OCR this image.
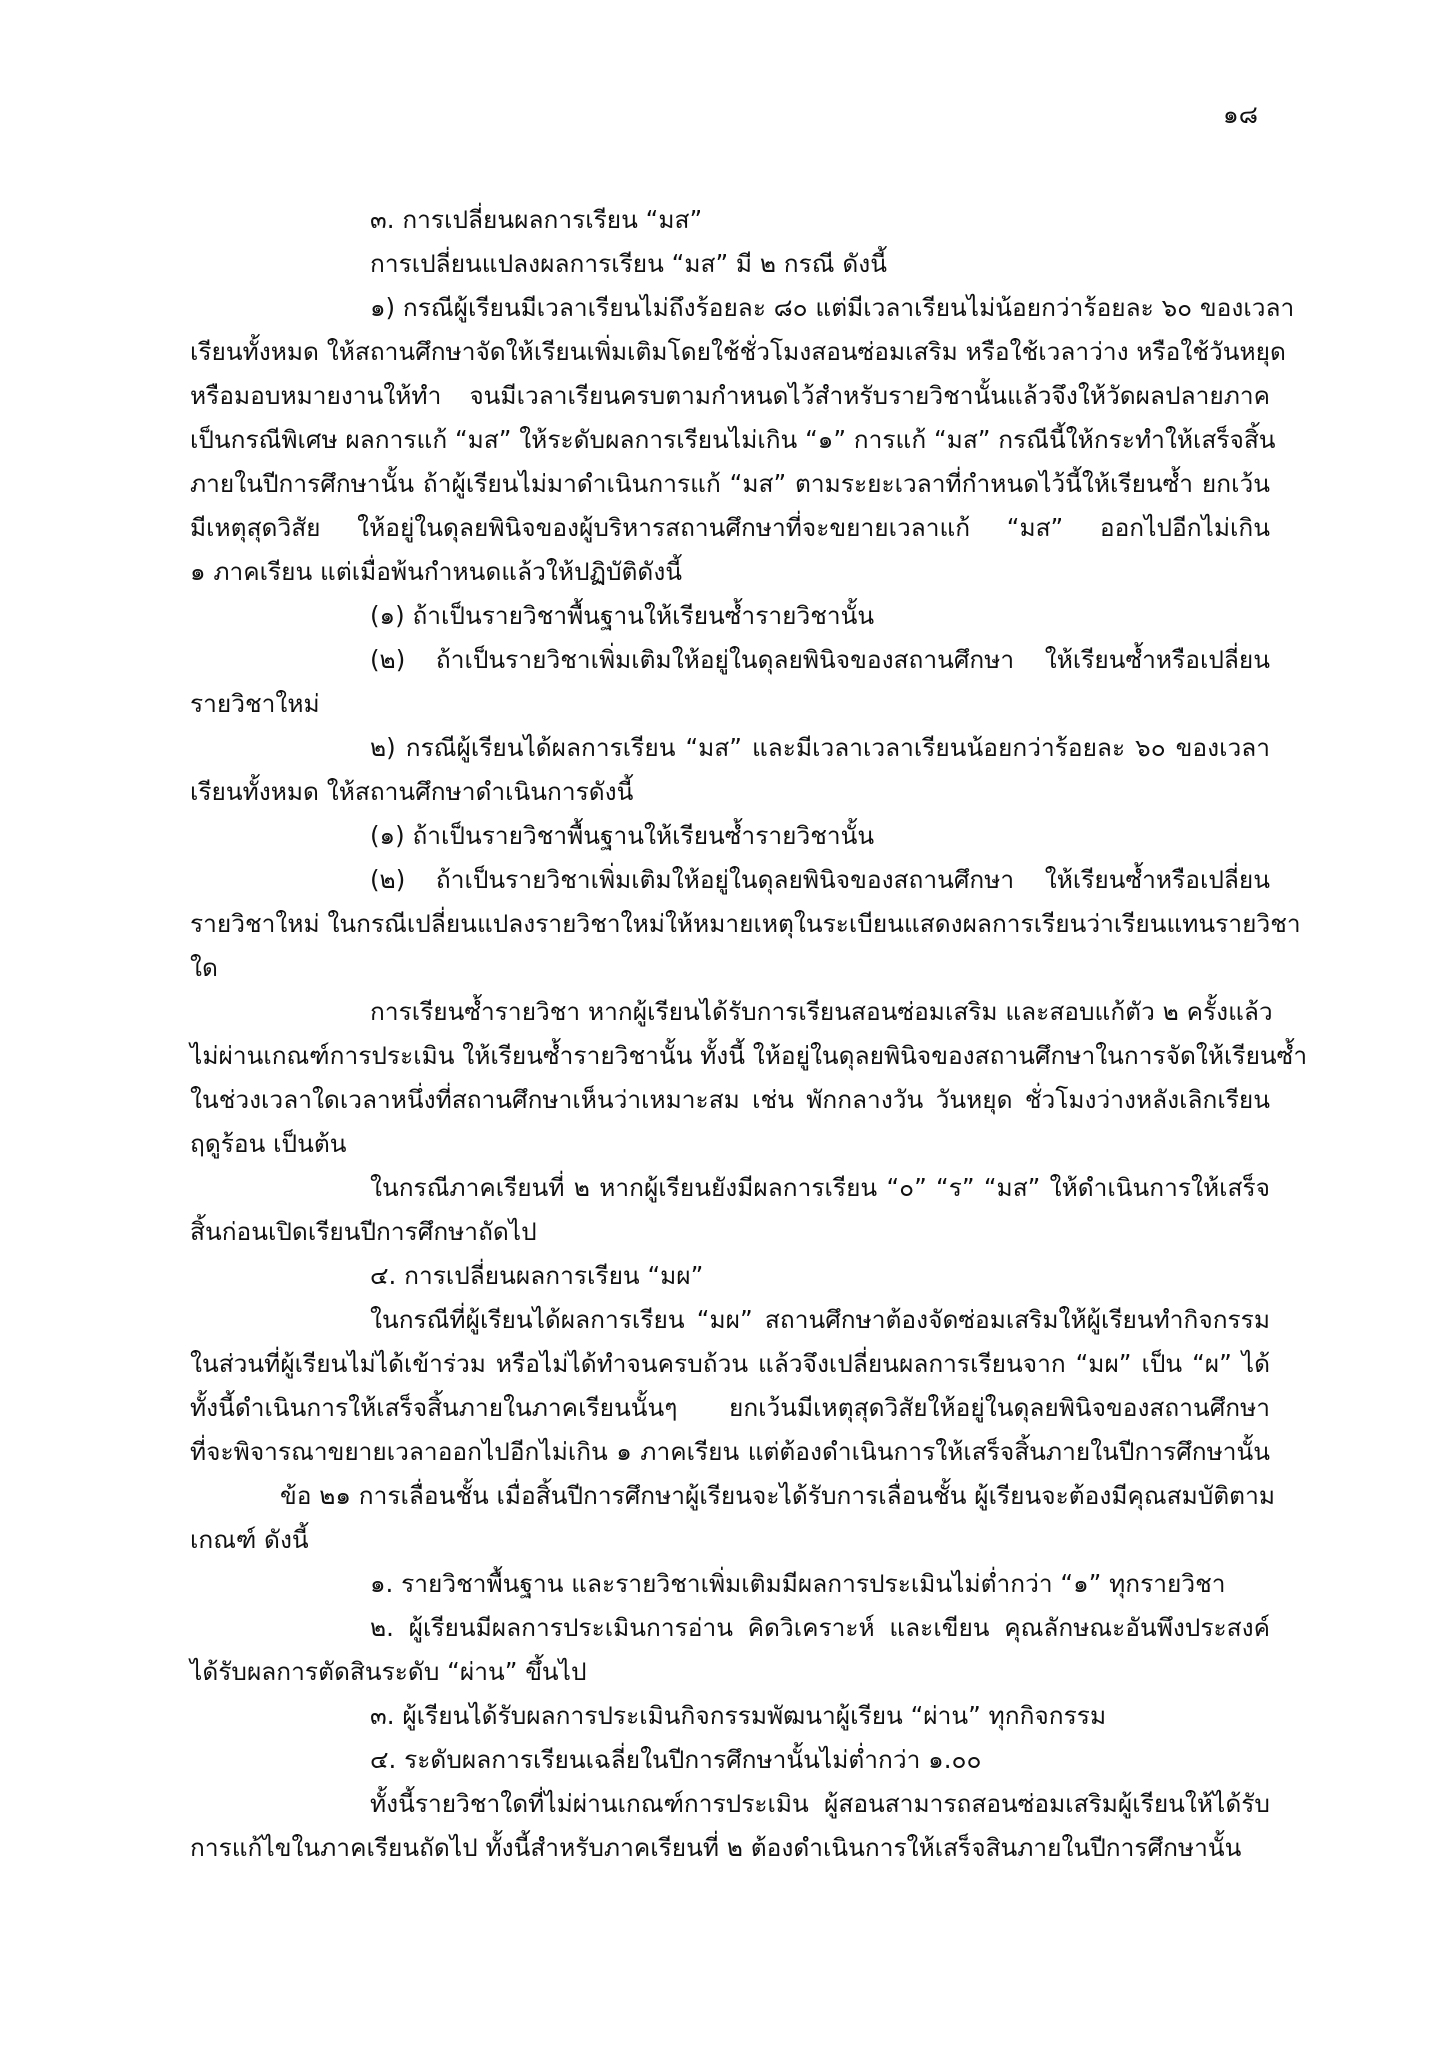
๑๘
๓. การเปลี่ยนผลการเรียน “มส”
การเปลี่ยนแปลงผลการเรียน “มส” มี ๒ กรณี ดังนี้
๑) กรณีผู้เรียนมีเวลาเรียนไม่ถึงร้อยละ ๘๐ แต่มีเวลาเรียนไม่น้อยกว่าร้อยละ ๖๐ ของเวลา
เรียนทั้งหมด ให้สถานศึกษาจัดให้เรียนเพิ่มเติมโดยใช้ชั่วโมงสอนซ่อมเสริม หรือใช้เวลาว่าง หรือใช้วันหยุด
หรือมอบหมายงานให้ทำ จนมีเวลาเรียนครบตามกำหนดไว้สำหรับรายวิชานั้นแล้วจึงให้วัดผลปลายภาค
เป็นกรณีพิเศษ ผลการแก้ “มส” ให้ระดับผลการเรียนไม่เกิน “๑” การแก้ “มส” กรณีนี้ให้กระทำให้เสร็จสิ้น
ภายในปีการศึกษานั้น ถ้าผู้เรียนไม่มาดำเนินการแก้ “มส” ตามระยะเวลาที่กำหนดไว้นี้ให้เรียนซ้ำ ยกเว้น
มีเหตุสุดวิสัย ให้อยู่ในดุลยพินิจของผู้บริหารสถานศึกษาที่จะขยายเวลาแก้ “มส” ออกไปอีกไม่เกิน
๑ ภาคเรียน แต่เมื่อพ้นกำหนดแล้วให้ปฏิบัติดังนี้
(๑) ถ้าเป็นรายวิชาพื้นฐานให้เรียนซ้ำรายวิชานั้น
(๒) ถ้าเป็นรายวิชาเพิ่มเติมให้อยู่ในดุลยพินิจของสถานศึกษา ให้เรียนซ้ำหรือเปลี่ยน
รายวิชาใหม่
๒) กรณีผู้เรียนได้ผลการเรียน “มส” และมีเวลาเวลาเรียนน้อยกว่าร้อยละ ๖๐ ของเวลา
เรียนทั้งหมด ให้สถานศึกษาดำเนินการดังนี้
(๑) ถ้าเป็นรายวิชาพื้นฐานให้เรียนซ้ำรายวิชานั้น
(๒) ถ้าเป็นรายวิชาเพิ่มเติมให้อยู่ในดุลยพินิจของสถานศึกษา ให้เรียนซ้ำหรือเปลี่ยน
รายวิชาใหม่ ในกรณีเปลี่ยนแปลงรายวิชาใหม่ให้หมายเหตุในระเบียนแสดงผลการเรียนว่าเรียนแทนรายวิชา
ใด
การเรียนซ้ำรายวิชา หากผู้เรียนได้รับการเรียนสอนซ่อมเสริม และสอบแก้ตัว ๒ ครั้งแล้ว
ไม่ผ่านเกณฑ์การประเมิน ให้เรียนซ้ำรายวิชานั้น ทั้งนี้ ให้อยู่ในดุลยพินิจของสถานศึกษาในการจัดให้เรียนซ้ำ
ในช่วงเวลาใดเวลาหนึ่งที่สถานศึกษาเห็นว่าเหมาะสม เช่น พักกลางวัน วันหยุด ชั่วโมงว่างหลังเลิกเรียน
ฤดูร้อน เป็นต้น
ในกรณีภาคเรียนที่ ๒ หากผู้เรียนยังมีผลการเรียน “๐” “ร” “มส” ให้ดำเนินการให้เสร็จ
สิ้นก่อนเปิดเรียนปีการศึกษาถัดไป
๔. การเปลี่ยนผลการเรียน “มผ”
ในกรณีที่ผู้เรียนได้ผลการเรียน “มผ” สถานศึกษาต้องจัดซ่อมเสริมให้ผู้เรียนทำกิจกรรม
ในส่วนที่ผู้เรียนไม่ได้เข้าร่วม หรือไม่ได้ทำจนครบถ้วน แล้วจึงเปลี่ยนผลการเรียนจาก “มผ” เป็น “ผ” ได้
ทั้งนี้ดำเนินการให้เสร็จสิ้นภายในภาคเรียนนั้นๆ ยกเว้นมีเหตุสุดวิสัยให้อยู่ในดุลยพินิจของสถานศึกษา
ที่จะพิจารณาขยายเวลาออกไปอีกไม่เกิน ๑ ภาคเรียน แต่ต้องดำเนินการให้เสร็จสิ้นภายในปีการศึกษานั้น
ข้อ ๒๑ การเลื่อนชั้น เมื่อสิ้นปีการศึกษาผู้เรียนจะได้รับการเลื่อนชั้น ผู้เรียนจะต้องมีคุณสมบัติตาม
เกณฑ์ ดังนี้
๑. รายวิชาพื้นฐาน และรายวิชาเพิ่มเติมมีผลการประเมินไม่ต่ำกว่า “๑” ทุกรายวิชา
๒. ผู้เรียนมีผลการประเมินการอ่าน คิดวิเคราะห์ และเขียน คุณลักษณะอันพึงประสงค์
ได้รับผลการตัดสินระดับ “ผ่าน” ขึ้นไป
๓. ผู้เรียนได้รับผลการประเมินกิจกรรมพัฒนาผู้เรียน “ผ่าน” ทุกกิจกรรม
๔. ระดับผลการเรียนเฉลี่ยในปีการศึกษานั้นไม่ต่ำกว่า ๑.๐๐
ทั้งนี้รายวิชาใดที่ไม่ผ่านเกณฑ์การประเมิน ผู้สอนสามารถสอนซ่อมเสริมผู้เรียนให้ได้รับ
การแก้ไขในภาคเรียนถัดไป ทั้งนี้สำหรับภาคเรียนที่ ๒ ต้องดำเนินการให้เสร็จสินภายในปีการศึกษานั้น
